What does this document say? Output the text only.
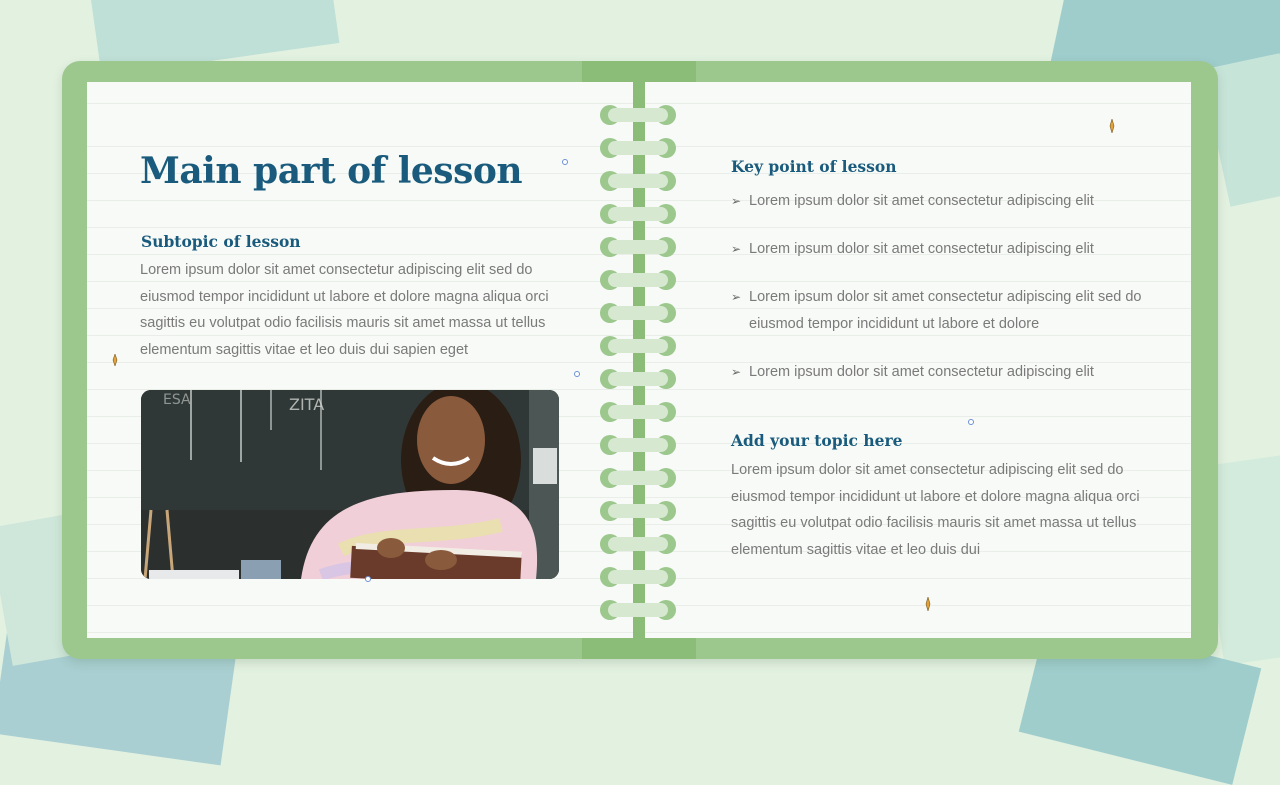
Main part of lesson
Subtopic of lesson

Lorem ipsum dolor sit amet consectetur adipiscing elit sed do eiusmod tempor incididunt ut labore et dolore magna aliqua orci sagittis eu volutpat odio facilisis mauris sit amet massa ut tellus elementum sagittis vitae et leo duis dui sapien eget

ZITA
ESA
Key point of lesson
➢ Lorem ipsum dolor sit amet consectetur adipiscing elit
➢ Lorem ipsum dolor sit amet consectetur adipiscing elit
➢ Lorem ipsum dolor sit amet consectetur adipiscing elit sed do eiusmod tempor incididunt ut labore et dolore
➢ Lorem ipsum dolor sit amet consectetur adipiscing elit
Add your topic here

Lorem ipsum dolor sit amet consectetur adipiscing elit sed do eiusmod tempor incididunt ut labore et dolore magna aliqua orci sagittis eu volutpat odio facilisis mauris sit amet massa ut tellus elementum sagittis vitae et leo duis dui
